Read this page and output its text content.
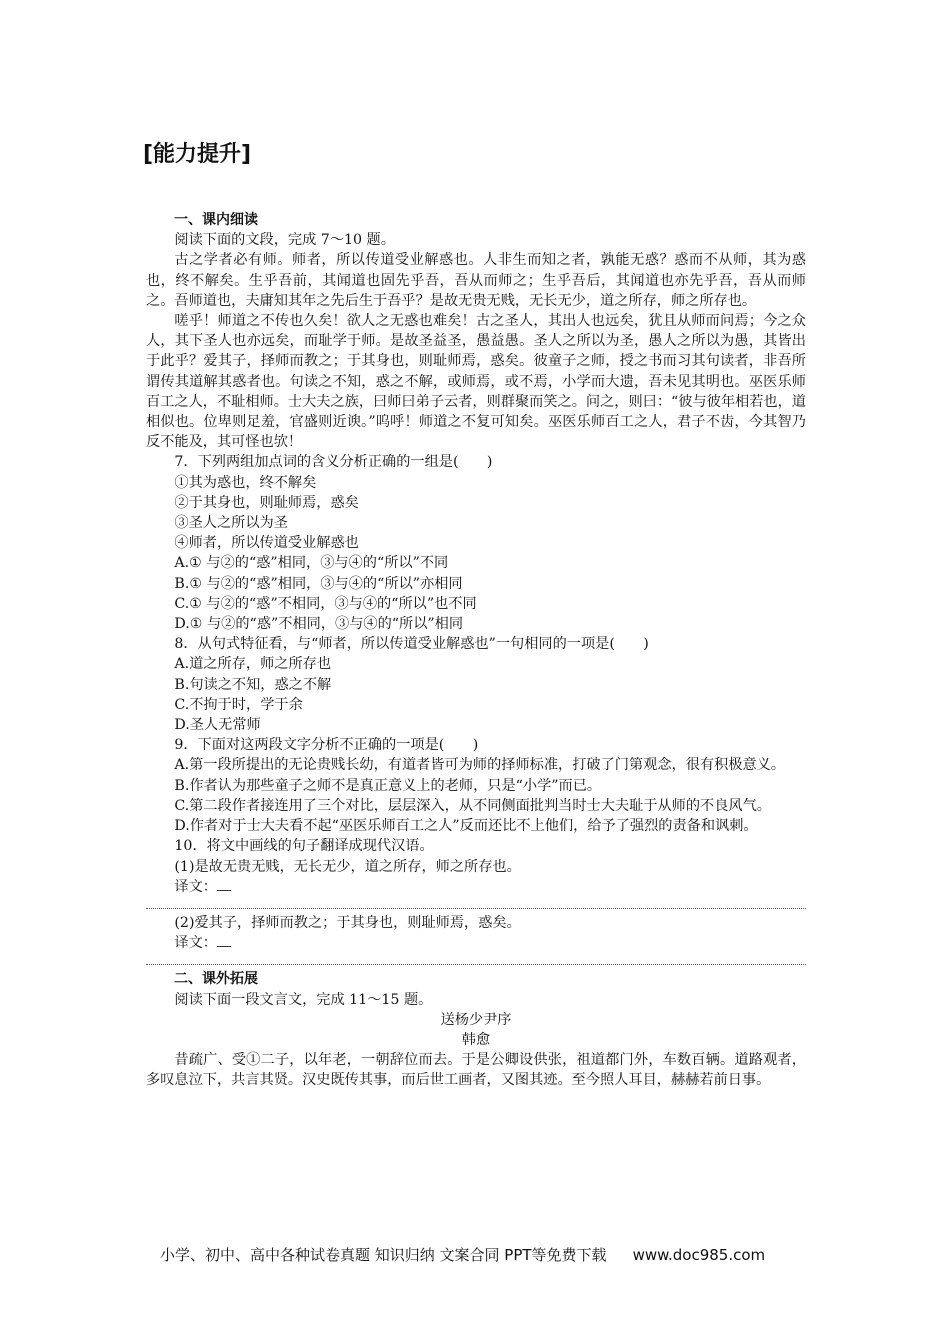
[能力提升]

一、课内细读

阅读下面的文段，完成 7～10 题。

古之学者必有师。师者，所以传道受业解惑也。人非生而知之者，孰能无惑？惑而不从师，其为惑也，终不解矣。生乎吾前，其闻道也固先乎吾，吾从而师之；生乎吾后，其闻道也亦先乎吾，吾从而师之。吾师道也，夫庸知其年之先后生于吾乎？是故无贵无贱，无长无少，道之所存，师之所存也。

嗟乎！师道之不传也久矣！欲人之无惑也难矣！古之圣人，其出人也远矣，犹且从师而问焉；今之众人，其下圣人也亦远矣，而耻学于师。是故圣益圣，愚益愚。圣人之所以为圣，愚人之所以为愚，其皆出于此乎？爱其子，择师而教之；于其身也，则耻师焉，惑矣。彼童子之师，授之书而习其句读者，非吾所谓传其道解其惑者也。句读之不知，惑之不解，或师焉，或不焉，小学而大遗，吾未见其明也。巫医乐师百工之人，不耻相师。士大夫之族，曰师曰弟子云者，则群聚而笑之。问之，则曰：“彼与彼年相若也，道相似也。位卑则足羞，官盛则近谀。”呜呼！师道之不复可知矣。巫医乐师百工之人，君子不齿，今其智乃反不能及，其可怪也欤！

7．下列两组加点词的含义分析正确的一组是(　　)

①其为惑也，终不解矣

②于其身也，则耻师焉，惑矣

③圣人之所以为圣

④师者，所以传道受业解惑也

A.① 与②的“惑”相同，③与④的“所以”不同

B.① 与②的“惑”相同，③与④的“所以”亦相同

C.① 与②的“惑”不相同，③与④的“所以”也不同

D.① 与②的“惑”不相同，③与④的“所以”相同

8．从句式特征看，与“师者，所以传道受业解惑也”一句相同的一项是(　　)

A.道之所存，师之所存也

B.句读之不知，惑之不解

C.不拘于时，学于余

D.圣人无常师

9．下面对这两段文字分析不正确的一项是(　　)

A.第一段所提出的无论贵贱长幼，有道者皆可为师的择师标准，打破了门第观念，很有积极意义。

B.作者认为那些童子之师不是真正意义上的老师，只是“小学”而已。

C.第二段作者接连用了三个对比，层层深入，从不同侧面批判当时士大夫耻于从师的不良风气。

D.作者对于士大夫看不起“巫医乐师百工之人”反而还比不上他们，给予了强烈的责备和讽刺。

10．将文中画线的句子翻译成现代汉语。

(1)是故无贵无贱，无长无少，道之所存，师之所存也。

译文：

(2)爱其子，择师而教之；于其身也，则耻师焉，惑矣。

译文：

二、课外拓展

阅读下面一段文言文，完成 11～15 题。

送杨少尹序

韩愈

昔疏广、受①二子，以年老，一朝辞位而去。于是公卿设供张，祖道都门外，车数百辆。道路观者，多叹息泣下，共言其贤。汉史既传其事，而后世工画者，又图其迹。至今照人耳目，赫赫若前日事。

小学、初中、高中各种试卷真题 知识归纳 文案合同 PPT等免费下载 www.doc985.com
